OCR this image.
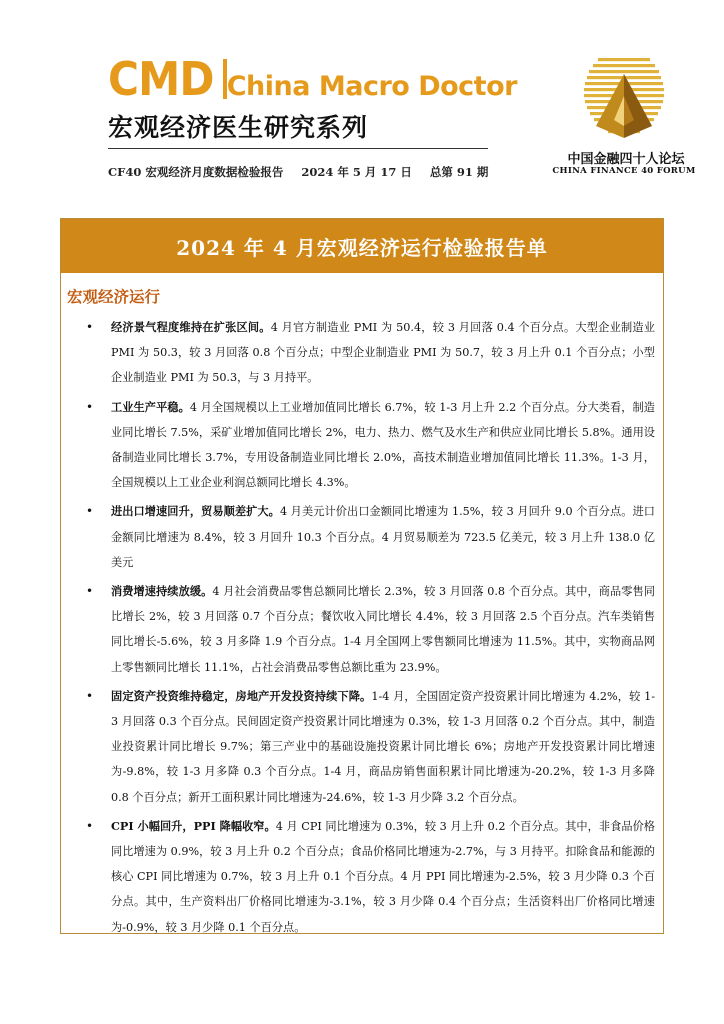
CMD China Macro Doctor
宏观经济医生研究系列
CF40 宏观经济月度数据检验报告 2024 年 5 月 17 日 总第 91 期
中国金融四十人论坛
CHINA FINANCE 40 FORUM
2024 年 4 月宏观经济运行检验报告单
宏观经济运行
• 经济景气程度维持在扩张区间。4 月官方制造业 PMI 为 50.4，较 3 月回落 0.4 个百分点。大型企业制造业 PMI 为 50.3，较 3 月回落 0.8 个百分点；中型企业制造业 PMI 为 50.7，较 3 月上升 0.1 个百分点；小型企业制造业 PMI 为 50.3，与 3 月持平。
• 工业生产平稳。4 月全国规模以上工业增加值同比增长 6.7%，较 1-3 月上升 2.2 个百分点。分大类看，制造业同比增长 7.5%，采矿业增加值同比增长 2%，电力、热力、燃气及水生产和供应业同比增长 5.8%。通用设备制造业同比增长 3.7%，专用设备制造业同比增长 2.0%，高技术制造业增加值同比增长 11.3%。1-3 月，全国规模以上工业企业利润总额同比增长 4.3%。
• 进出口增速回升，贸易顺差扩大。4 月美元计价出口金额同比增速为 1.5%，较 3 月回升 9.0 个百分点。进口金额同比增速为 8.4%，较 3 月回升 10.3 个百分点。4 月贸易顺差为 723.5 亿美元，较 3 月上升 138.0 亿美元
• 消费增速持续放缓。4 月社会消费品零售总额同比增长 2.3%，较 3 月回落 0.8 个百分点。其中，商品零售同比增长 2%，较 3 月回落 0.7 个百分点；餐饮收入同比增长 4.4%，较 3 月回落 2.5 个百分点。汽车类销售同比增长-5.6%，较 3 月多降 1.9 个百分点。1-4 月全国网上零售额同比增速为 11.5%。其中，实物商品网上零售额同比增长 11.1%，占社会消费品零售总额比重为 23.9%。
• 固定资产投资维持稳定，房地产开发投资持续下降。1-4 月，全国固定资产投资累计同比增速为 4.2%，较 1-3 月回落 0.3 个百分点。民间固定资产投资累计同比增速为 0.3%，较 1-3 月回落 0.2 个百分点。其中，制造业投资累计同比增长 9.7%；第三产业中的基础设施投资累计同比增长 6%；房地产开发投资累计同比增速为-9.8%，较 1-3 月多降 0.3 个百分点。1-4 月，商品房销售面积累计同比增速为-20.2%，较 1-3 月多降 0.8 个百分点；新开工面积累计同比增速为-24.6%，较 1-3 月少降 3.2 个百分点。
• CPI 小幅回升，PPI 降幅收窄。4 月 CPI 同比增速为 0.3%，较 3 月上升 0.2 个百分点。其中，非食品价格同比增速为 0.9%，较 3 月上升 0.2 个百分点；食品价格同比增速为-2.7%，与 3 月持平。扣除食品和能源的核心 CPI 同比增速为 0.7%，较 3 月上升 0.1 个百分点。4 月 PPI 同比增速为-2.5%，较 3 月少降 0.3 个百分点。其中，生产资料出厂价格同比增速为-3.1%，较 3 月少降 0.4 个百分点；生活资料出厂价格同比增速为-0.9%，较 3 月少降 0.1 个百分点。
